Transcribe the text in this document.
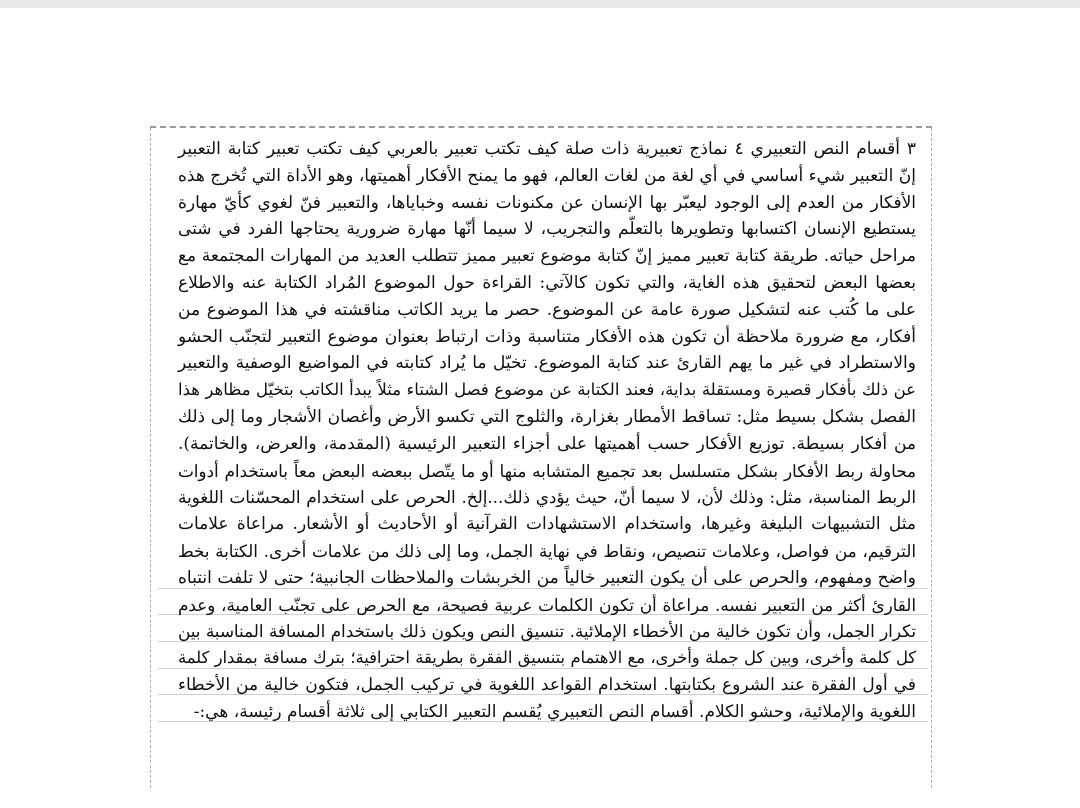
٣ أقسام النص التعبيري ٤ نماذج تعبيرية ذات صلة كيف تكتب تعبير بالعربي كيف تكتب تعبير كتابة التعبير
إنّ التعبير شيء أساسي في أي لغة من لغات العالم، فهو ما يمنح الأفكار أهميتها، وهو الأداة التي تُخرج هذه
الأفكار من العدم إلى الوجود ليعبّر بها الإنسان عن مكنونات نفسه وخباياها، والتعبير فنّ لغوي كأيّ مهارة
يستطيع الإنسان اكتسابها وتطويرها بالتعلّم والتجريب، لا سيما أنّها مهارة ضرورية يحتاجها الفرد في شتى
مراحل حياته. طريقة كتابة تعبير مميز إنّ كتابة موضوع تعبير مميز تتطلب العديد من المهارات المجتمعة مع
بعضها البعض لتحقيق هذه الغاية، والتي تكون كالآتي: القراءة حول الموضوع المُراد الكتابة عنه والاطلاع
على ما كُتب عنه لتشكيل صورة عامة عن الموضوع. حصر ما يريد الكاتب مناقشته في هذا الموضوع من
أفكار، مع ضرورة ملاحظة أن تكون هذه الأفكار متناسبة وذات ارتباط بعنوان موضوع التعبير لتجنّب الحشو
والاستطراد في غير ما يهم القارئ عند كتابة الموضوع. تخيّل ما يُراد كتابته في المواضيع الوصفية والتعبير
عن ذلك بأفكار قصيرة ومستقلة بداية، فعند الكتابة عن موضوع فصل الشتاء مثلاً يبدأ الكاتب بتخيّل مظاهر هذا
الفصل بشكل بسيط مثل: تساقط الأمطار بغزارة، والثلوج التي تكسو الأرض وأغصان الأشجار وما إلى ذلك
من أفكار بسيطة. توزيع الأفكار حسب أهميتها على أجزاء التعبير الرئيسية (المقدمة، والعرض، والخاتمة).
محاولة ربط الأفكار بشكل متسلسل بعد تجميع المتشابه منها أو ما يتّصل ببعضه البعض معاً باستخدام أدوات
الربط المناسبة، مثل: وذلك لأن، لا سيما أنّ، حيث يؤدي ذلك...إلخ. الحرص على استخدام المحسّنات اللغوية
مثل التشبيهات البليغة وغيرها، واستخدام الاستشهادات القرآنية أو الأحاديث أو الأشعار. مراعاة علامات
الترقيم، من فواصل، وعلامات تنصيص، ونقاط في نهاية الجمل، وما إلى ذلك من علامات أخرى. الكتابة بخط
واضح ومفهوم، والحرص على أن يكون التعبير خالياً من الخربشات والملاحظات الجانبية؛ حتى لا تلفت انتباه
القارئ أكثر من التعبير نفسه. مراعاة أن تكون الكلمات عربية فصيحة، مع الحرص على تجنّب العامية، وعدم
تكرار الجمل، وأن تكون خالية من الأخطاء الإملائية. تنسيق النص ويكون ذلك باستخدام المسافة المناسبة بين
كل كلمة وأخرى، وبين كل جملة وأخرى، مع الاهتمام بتنسيق الفقرة بطريقة احترافية؛ بترك مسافة بمقدار كلمة
في أول الفقرة عند الشروع بكتابتها. استخدام القواعد اللغوية في تركيب الجمل، فتكون خالية من الأخطاء
اللغوية والإملائية، وحشو الكلام. أقسام النص التعبيري يُقسم التعبير الكتابي إلى ثلاثة أقسام رئيسة، هي:-
